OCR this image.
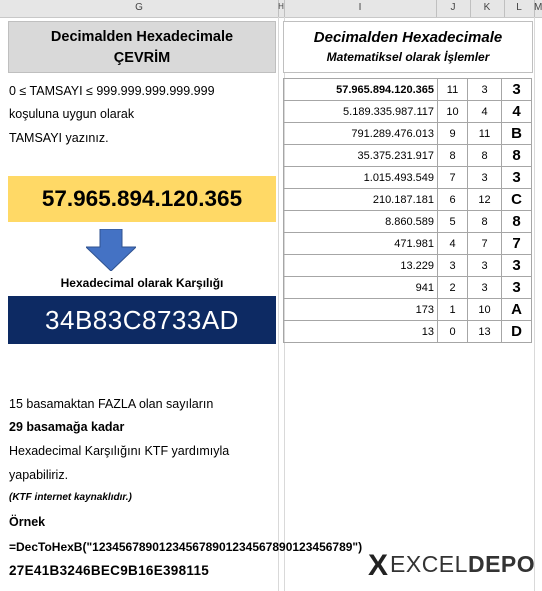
G	H	I	J	K	L	M
Decimalden Hexadecimale
ÇEVRİM
Decimalden Hexadecimale
Matematiksel olarak İşlemler
0 ≤ TAMSAYI ≤ 999.999.999.999.999
koşuluna uygun olarak
TAMSAYI yazınız.
57.965.894.120.365
Hexadecimal olarak Karşılığı
34B83C8733AD
57.965.894.120.365	11	3	3
5.189.335.987.117	10	4	4
791.289.476.013	9	11	B
35.375.231.917	8	8	8
1.015.493.549	7	3	3
210.187.181	6	12	C
8.860.589	5	8	8
471.981	4	7	7
13.229	3	3	3
941	2	3	3
173	1	10	A
13	0	13	D
15 basamaktan FAZLA olan sayıların
29 basamağa kadar
Hexadecimal Karşılığını KTF yardımıyla
yapabiliriz.
(KTF internet kaynaklıdır.)
Örnek
=DecToHexB("123456789012345678901234567890123456789")
27E41B3246BEC9B16E398115	XEXCELDEPO
